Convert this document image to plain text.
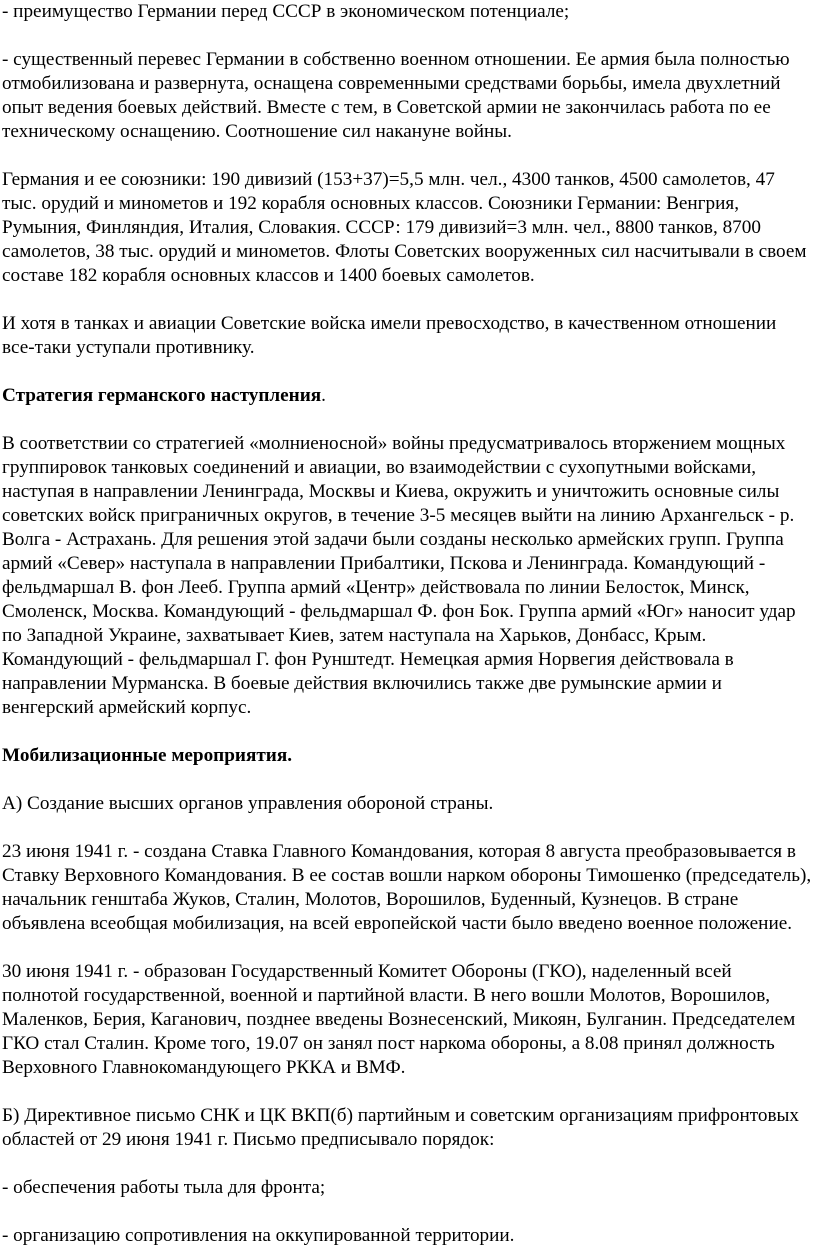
- преимущество Германии перед СССР в экономическом потенциале;

- существенный перевес Германии в собственно военном отношении. Ее армия была полностью отмобилизована и развернута, оснащена современными средствами борьбы, имела двухлетний опыт ведения боевых действий. Вместе с тем, в Советской армии не закончилась работа по ее техническому оснащению. Соотношение сил накануне войны.

Германия и ее союзники: 190 дивизий (153+37)=5,5 млн. чел., 4300 танков, 4500 самолетов, 47 тыс. орудий и минометов и 192 корабля основных классов. Союзники Германии: Венгрия, Румыния, Финляндия, Италия, Словакия. СССР: 179 дивизий=3 млн. чел., 8800 танков, 8700 самолетов, 38 тыс. орудий и минометов. Флоты Советских вооруженных сил насчитывали в своем составе 182 корабля основных классов и 1400 боевых самолетов.

И хотя в танках и авиации Советские войска имели превосходство, в качественном отношении все-таки уступали противнику.

Стратегия германского наступления.

В соответствии со стратегией «молниеносной» войны предусматривалось вторжением мощных группировок танковых соединений и авиации, во взаимодействии с сухопутными войсками, наступая в направлении Ленинграда, Москвы и Киева, окружить и уничтожить основные силы советских войск приграничных округов, в течение 3-5 месяцев выйти на линию Архангельск - р. Волга - Астрахань. Для решения этой задачи были созданы несколько армейских групп. Группа армий «Север» наступала в направлении Прибалтики, Пскова и Ленинграда. Командующий - фельдмаршал В. фон Лееб. Группа армий «Центр» действовала по линии Белосток, Минск, Смоленск, Москва. Командующий - фельдмаршал Ф. фон Бок. Группа армий «Юг» наносит удар по Западной Украине, захватывает Киев, затем наступала на Харьков, Донбасс, Крым. Командующий - фельдмаршал Г. фон Рунштедт. Немецкая армия Норвегия действовала в направлении Мурманска. В боевые действия включились также две румынские армии и венгерский армейский корпус.

Мобилизационные мероприятия.

А) Создание высших органов управления обороной страны.

23 июня 1941 г. - создана Ставка Главного Командования, которая 8 августа преобразовывается в Ставку Верховного Командования. В ее состав вошли нарком обороны Тимошенко (председатель), начальник генштаба Жуков, Сталин, Молотов, Ворошилов, Буденный, Кузнецов. В стране объявлена всеобщая мобилизация, на всей европейской части было введено военное положение.

30 июня 1941 г. - образован Государственный Комитет Обороны (ГКО), наделенный всей полнотой государственной, военной и партийной власти. В него вошли Молотов, Ворошилов, Маленков, Берия, Каганович, позднее введены Вознесенский, Микоян, Булганин. Председателем ГКО стал Сталин. Кроме того, 19.07 он занял пост наркома обороны, а 8.08 принял должность Верховного Главнокомандующего РККА и ВМФ.

Б) Директивное письмо СНК и ЦК ВКП(б) партийным и советским организациям прифронтовых областей от 29 июня 1941 г. Письмо предписывало порядок:

- обеспечения работы тыла для фронта;

- организацию сопротивления на оккупированной территории.
